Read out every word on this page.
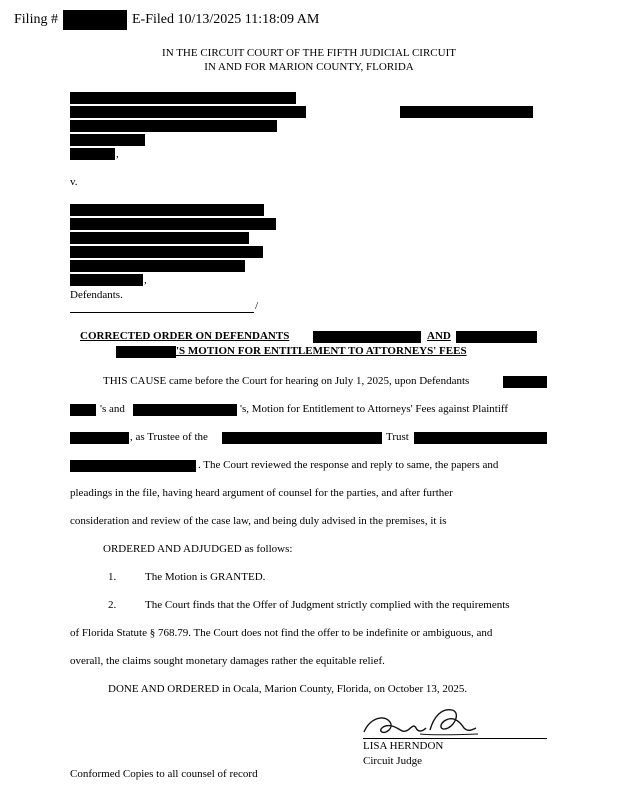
Filing #	E-Filed 10/13/2025 11:18:09 AM
IN THE CIRCUIT COURT OF THE FIFTH JUDICIAL CIRCUIT
IN AND FOR MARION COUNTY, FLORIDA
,
v.
,
Defendants.
/
CORRECTED ORDER ON DEFENDANTS	AND
'S MOTION FOR ENTITLEMENT TO ATTORNEYS' FEES
THIS CAUSE came before the Court for hearing on July 1, 2025, upon Defendants
's and	's, Motion for Entitlement to Attorneys' Fees against Plaintiff
, as Trustee of the	Trust
. The Court reviewed the response and reply to same, the papers and
pleadings in the file, having heard argument of counsel for the parties, and after further
consideration and review of the case law, and being duly advised in the premises, it is
ORDERED AND ADJUDGED as follows:
1.	The Motion is GRANTED.
2.	The Court finds that the Offer of Judgment strictly complied with the requirements
of Florida Statute § 768.79. The Court does not find the offer to be indefinite or ambiguous, and
overall, the claims sought monetary damages rather the equitable relief.
DONE AND ORDERED in Ocala, Marion County, Florida, on October 13, 2025.
LISA HERNDON
Circuit Judge
Conformed Copies to all counsel of record
